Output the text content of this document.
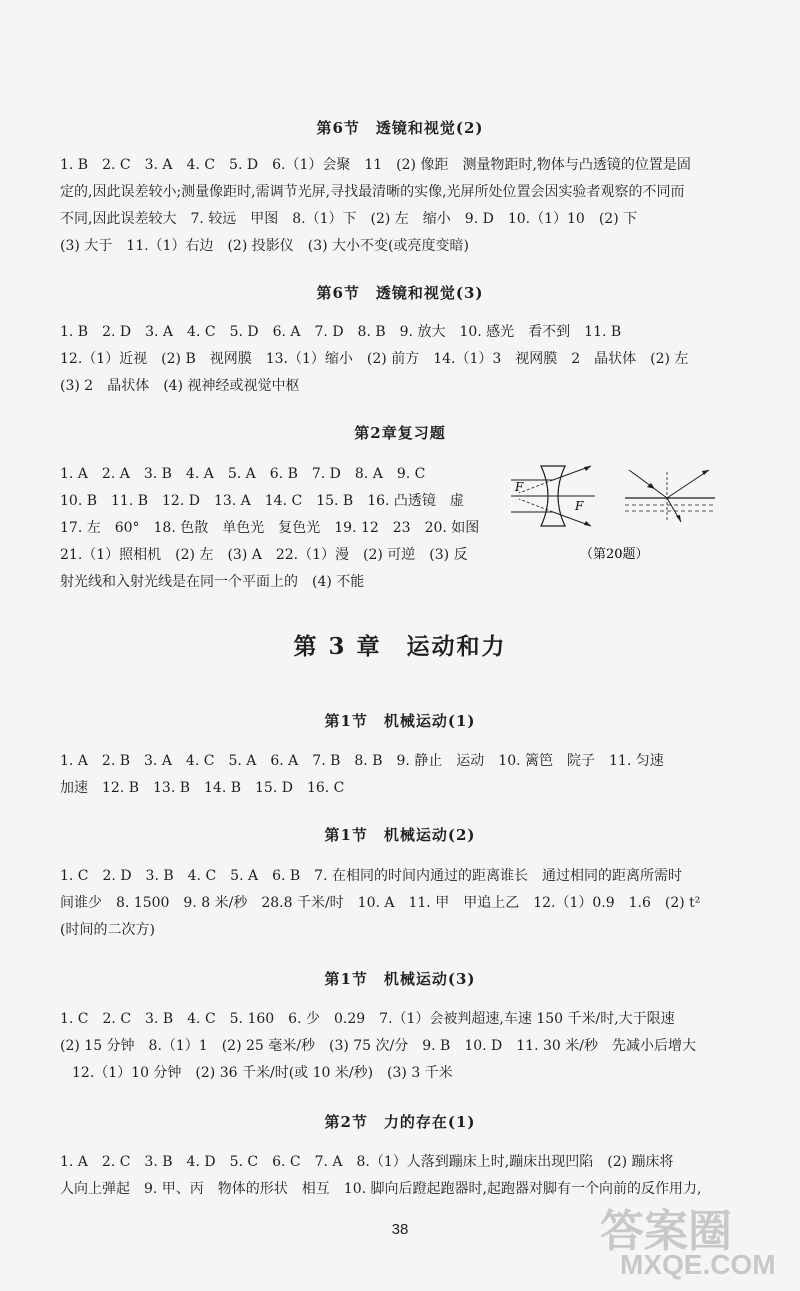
第6节　透镜和视觉(2)
1. B　2. C　3. A　4. C　5. D　6.（1）会聚　11　(2) 像距　测量物距时,物体与凸透镜的位置是固
定的,因此误差较小;测量像距时,需调节光屏,寻找最清晰的实像,光屏所处位置会因实验者观察的不同而
不同,因此误差较大　7. 较远　甲图　8.（1）下　(2) 左　缩小　9. D　10.（1）10　(2) 下
(3) 大于　11.（1）右边　(2) 投影仪　(3) 大小不变(或亮度变暗)
第6节　透镜和视觉(3)
1. B　2. D　3. A　4. C　5. D　6. A　7. D　8. B　9. 放大　10. 感光　看不到　11. B
12.（1）近视　(2) B　视网膜　13.（1）缩小　(2) 前方　14.（1）3　视网膜　2　晶状体　(2) 左
(3) 2　晶状体　(4) 视神经或视觉中枢
第2章复习题
1. A　2. A　3. B　4. A　5. A　6. B　7. D　8. A　9. C
10. B　11. B　12. D　13. A　14. C　15. B　16. 凸透镜　虚
17. 左　60°　18. 色散　单色光　复色光　19. 12　23　20. 如图
21.（1）照相机　(2) 左　(3) A　22.（1）漫　(2) 可逆　(3) 反
射光线和入射光线是在同一个平面上的　(4) 不能
F
F
（第20题）
第 3 章　运动和力
第1节　机械运动(1)
1. A　2. B　3. A　4. C　5. A　6. A　7. B　8. B　9. 静止　运动　10. 篱笆　院子　11. 匀速
加速　12. B　13. B　14. B　15. D　16. C
第1节　机械运动(2)
1. C　2. D　3. B　4. C　5. A　6. B　7. 在相同的时间内通过的距离谁长　通过相同的距离所需时
间谁少　8. 1500　9. 8 米/秒　28.8 千米/时　10. A　11. 甲　甲追上乙　12.（1）0.9　1.6　(2) t²
(时间的二次方)
第1节　机械运动(3)
1. C　2. C　3. B　4. C　5. 160　6. 少　0.29　7.（1）会被判超速,车速 150 千米/时,大于限速
(2) 15 分钟　8.（1）1　(2) 25 毫米/秒　(3) 75 次/分　9. B　10. D　11. 30 米/秒　先减小后增大
12.（1）10 分钟　(2) 36 千米/时(或 10 米/秒)　(3) 3 千米
第2节　力的存在(1)
1. A　2. C　3. B　4. D　5. C　6. C　7. A　8.（1）人落到蹦床上时,蹦床出现凹陷　(2) 蹦床将
人向上弹起　9. 甲、丙　物体的形状　相互　10. 脚向后蹬起跑器时,起跑器对脚有一个向前的反作用力,
38	答案圈
MXQE.COM
